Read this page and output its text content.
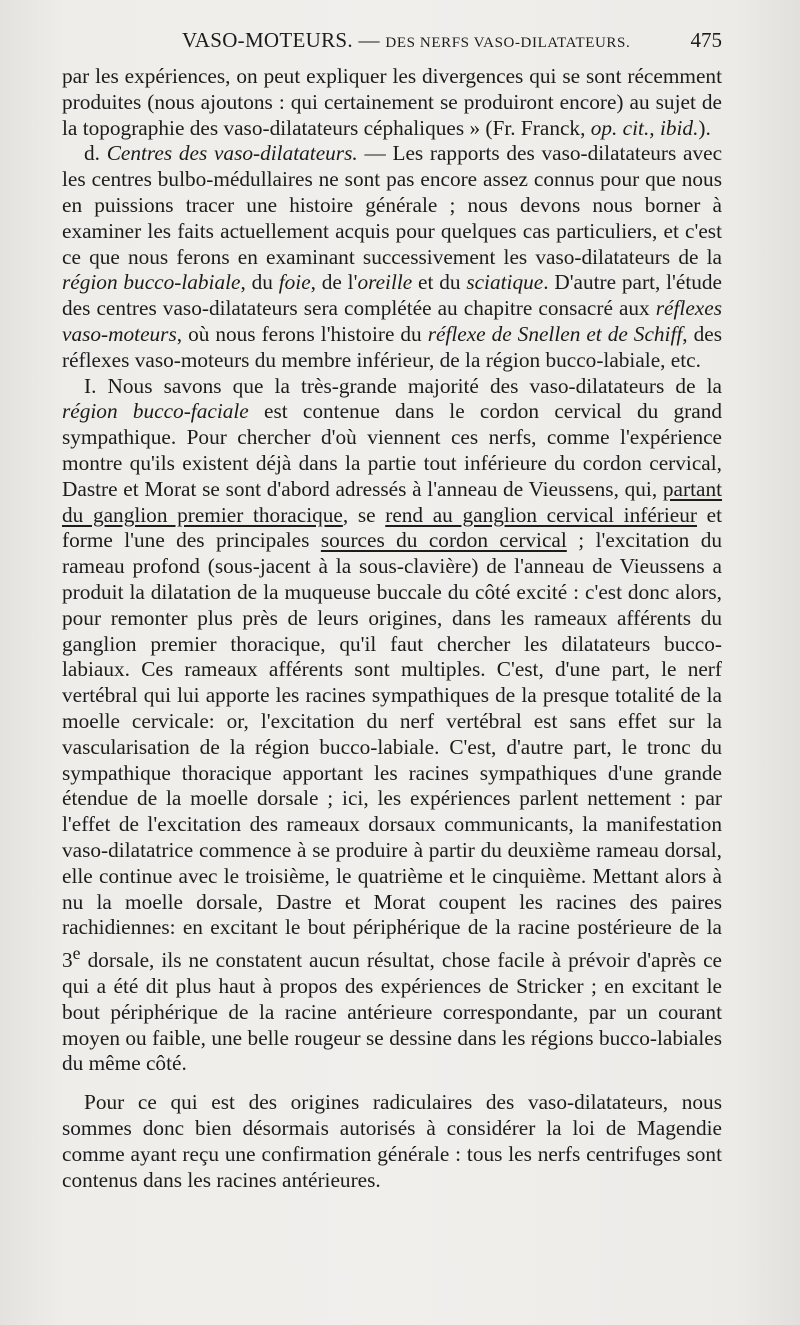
VASO-MOTEURS. — DES NERFS VASO-DILATATEURS.	475

par les expériences, on peut expliquer les divergences qui se sont récemment produites (nous ajoutons : qui certainement se produiront encore) au sujet de la topographie des vaso-dilatateurs céphaliques » (Fr. Franck, op. cit., ibid.).

d. Centres des vaso-dilatateurs. — Les rapports des vaso-dilatateurs avec les centres bulbo-médullaires ne sont pas encore assez connus pour que nous en puissions tracer une histoire générale ; nous devons nous borner à examiner les faits actuellement acquis pour quelques cas particuliers, et c'est ce que nous ferons en examinant successivement les vaso-dilatateurs de la région bucco-labiale, du foie, de l'oreille et du sciatique. D'autre part, l'étude des centres vaso-dilatateurs sera complétée au chapitre consacré aux réflexes vaso-moteurs, où nous ferons l'histoire du réflexe de Snellen et de Schiff, des réflexes vaso-moteurs du membre inférieur, de la région bucco-labiale, etc.

I. Nous savons que la très-grande majorité des vaso-dilatateurs de la région bucco-faciale est contenue dans le cordon cervical du grand sympathique. Pour chercher d'où viennent ces nerfs, comme l'expérience montre qu'ils existent déjà dans la partie tout inférieure du cordon cervical, Dastre et Morat se sont d'abord adressés à l'anneau de Vieussens, qui, partant du ganglion premier thoracique, se rend au ganglion cervical inférieur et forme l'une des principales sources du cordon cervical ; l'excitation du rameau profond (sous-jacent à la sous-clavière) de l'anneau de Vieussens a produit la dilatation de la muqueuse buccale du côté excité : c'est donc alors, pour remonter plus près de leurs origines, dans les rameaux afférents du ganglion premier thoracique, qu'il faut chercher les dilatateurs bucco-labiaux. Ces rameaux afférents sont multiples. C'est, d'une part, le nerf vertébral qui lui apporte les racines sympathiques de la presque totalité de la moelle cervicale: or, l'excitation du nerf vertébral est sans effet sur la vascularisation de la région bucco-labiale. C'est, d'autre part, le tronc du sympathique thoracique apportant les racines sympathiques d'une grande étendue de la moelle dorsale ; ici, les expériences parlent nettement : par l'effet de l'excitation des rameaux dorsaux communicants, la manifestation vaso-dilatatrice commence à se produire à partir du deuxième rameau dorsal, elle continue avec le troisième, le quatrième et le cinquième. Mettant alors à nu la moelle dorsale, Dastre et Morat coupent les racines des paires rachidiennes: en excitant le bout périphérique de la racine postérieure de la 3e dorsale, ils ne constatent aucun résultat, chose facile à prévoir d'après ce qui a été dit plus haut à propos des expériences de Stricker ; en excitant le bout périphérique de la racine antérieure correspondante, par un courant moyen ou faible, une belle rougeur se dessine dans les régions bucco-labiales du même côté.

Pour ce qui est des origines radiculaires des vaso-dilatateurs, nous sommes donc bien désormais autorisés à considérer la loi de Magendie comme ayant reçu une confirmation générale : tous les nerfs centrifuges sont contenus dans les racines antérieures.
